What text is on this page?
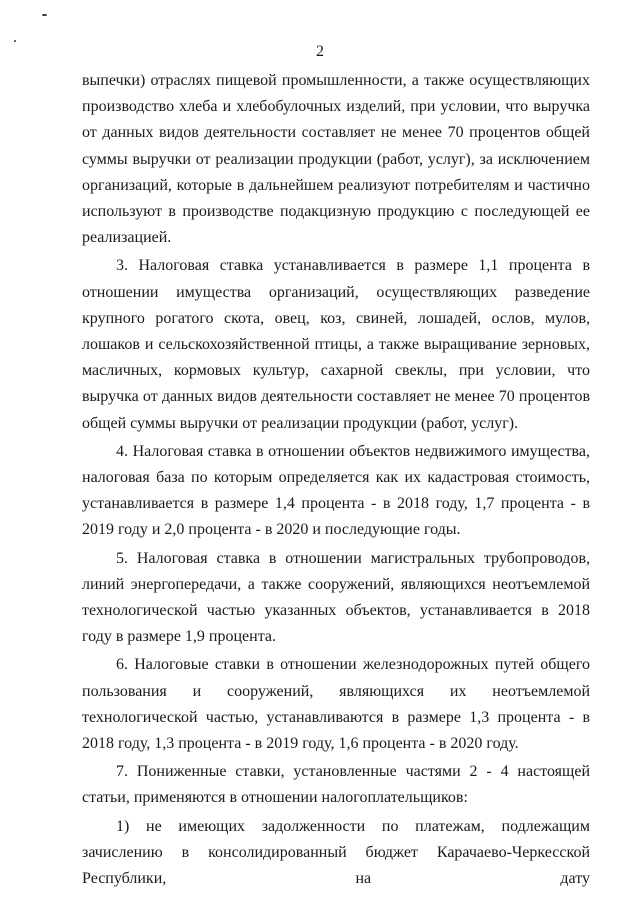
2

выпечки) отраслях пищевой промышленности, а также осуществляющих производство хлеба и хлебобулочных изделий, при условии, что выручка от данных видов деятельности составляет не менее 70 процентов общей суммы выручки от реализации продукции (работ, услуг), за исключением организаций, которые в дальнейшем реализуют потребителям и частично используют в производстве подакцизную продукцию с последующей ее реализацией.

3. Налоговая ставка устанавливается в размере 1,1 процента в отношении имущества организаций, осуществляющих разведение крупного рогатого скота, овец, коз, свиней, лошадей, ослов, мулов, лошаков и сельскохозяйственной птицы, а также выращивание зерновых, масличных, кормовых культур, сахарной свеклы, при условии, что выручка от данных видов деятельности составляет не менее 70 процентов общей суммы выручки от реализации продукции (работ, услуг).

4. Налоговая ставка в отношении объектов недвижимого имущества, налоговая база по которым определяется как их кадастровая стоимость, устанавливается в размере 1,4 процента - в 2018 году, 1,7 процента - в 2019 году и 2,0 процента - в 2020 и последующие годы.

5. Налоговая ставка в отношении магистральных трубопроводов, линий энергопередачи, а также сооружений, являющихся неотъемлемой технологической частью указанных объектов, устанавливается в 2018 году в размере 1,9 процента.

6. Налоговые ставки в отношении железнодорожных путей общего пользования и сооружений, являющихся их неотъемлемой технологической частью, устанавливаются в размере 1,3 процента - в 2018 году, 1,3 процента - в 2019 году, 1,6 процента - в 2020 году.

7. Пониженные ставки, установленные частями 2 - 4 настоящей статьи, применяются в отношении налогоплательщиков:

1) не имеющих задолженности по платежам, подлежащим зачислению в консолидированный бюджет Карачаево-Черкесской Республики, на дату
